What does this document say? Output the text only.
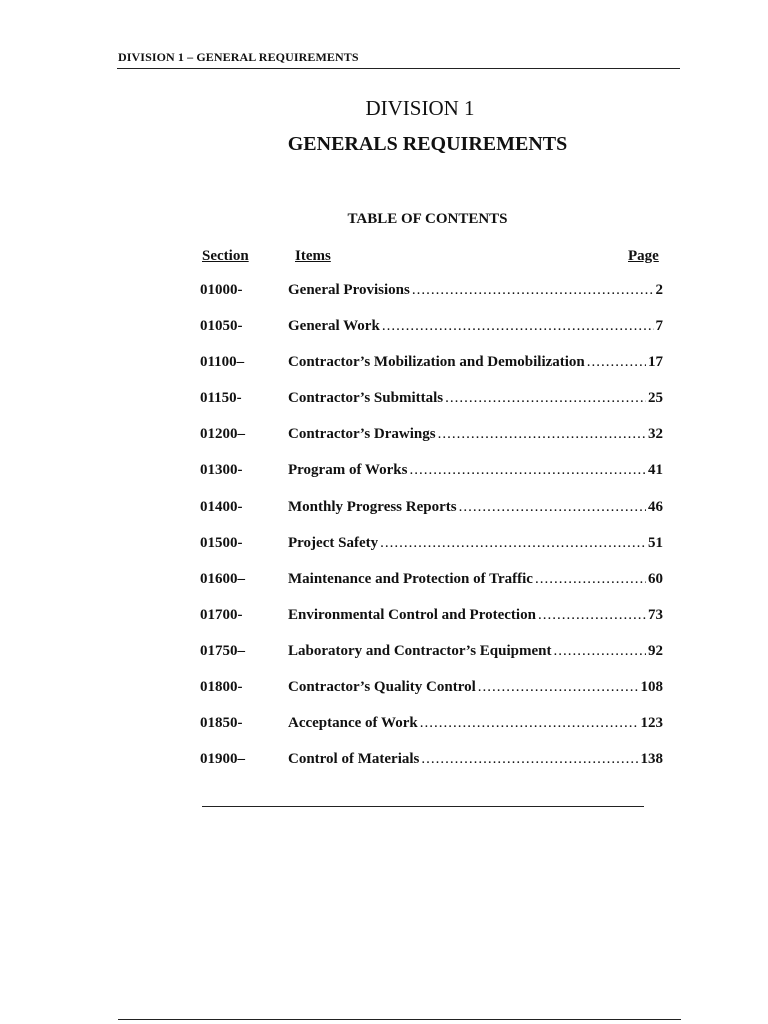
DIVISION 1 – GENERAL REQUIREMENTS
DIVISION 1
GENERALS REQUIREMENTS
TABLE OF CONTENTS
Section	Items	Page
01000-	General Provisions .....	2
01050-	General Work .....	7
01100–	Contractor’s Mobilization and Demobilization .....	17
01150-	Contractor’s Submittals .....	25
01200–	Contractor’s Drawings .....	32
01300-	Program of Works .....	41
01400-	Monthly Progress Reports .....	46
01500-	Project Safety .....	51
01600–	Maintenance and Protection of Traffic .....	60
01700-	Environmental Control and Protection .....	73
01750–	Laboratory and Contractor’s Equipment .....	92
01800-	Contractor’s Quality Control .....	108
01850-	Acceptance of Work .....	123
01900–	Control of Materials .....	138
